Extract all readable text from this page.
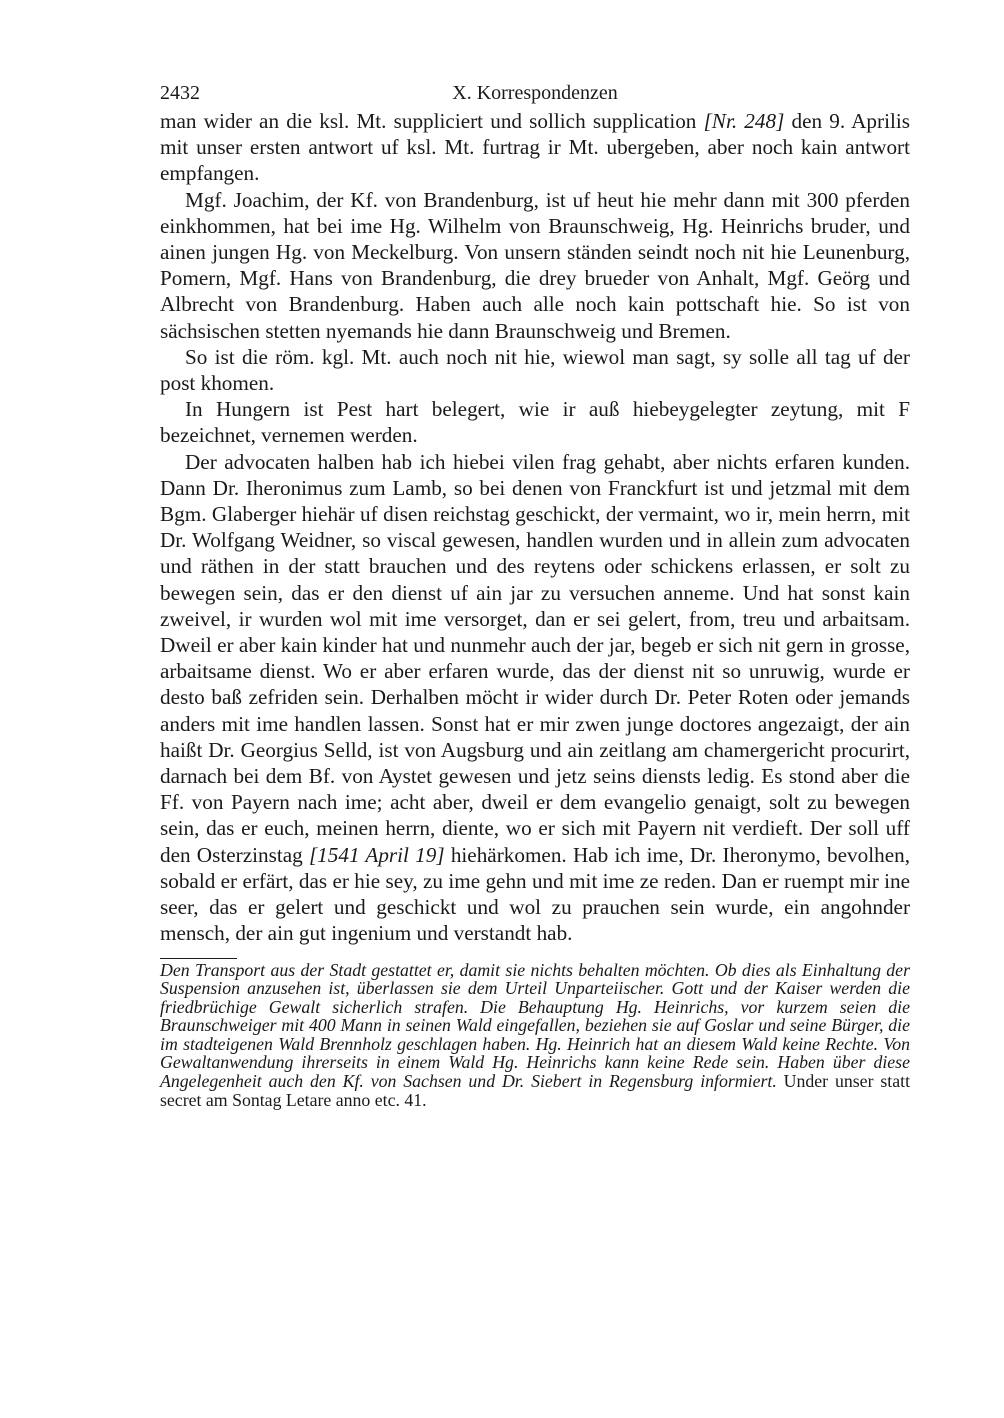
2432	X. Korrespondenzen

man wider an die ksl. Mt. suppliciert und sollich supplication [Nr. 248] den 9. Aprilis mit unser ersten antwort uf ksl. Mt. furtrag ir Mt. ubergeben, aber noch kain antwort empfangen.

Mgf. Joachim, der Kf. von Brandenburg, ist uf heut hie mehr dann mit 300 pferden einkhommen, hat bei ime Hg. Wilhelm von Braunschweig, Hg. Heinrichs bruder, und ainen jungen Hg. von Meckelburg. Von unsern ständen seindt noch nit hie Leunenburg, Pomern, Mgf. Hans von Brandenburg, die drey brueder von Anhalt, Mgf. Geörg und Albrecht von Brandenburg. Haben auch alle noch kain pottschaft hie. So ist von sächsischen stetten nyemands hie dann Braunschweig und Bremen.

So ist die röm. kgl. Mt. auch noch nit hie, wiewol man sagt, sy solle all tag uf der post khomen.

In Hungern ist Pest hart belegert, wie ir auß hiebeygelegter zeytung, mit F bezeichnet, vernemen werden.

Der advocaten halben hab ich hiebei vilen frag gehabt, aber nichts erfaren kunden. Dann Dr. Iheronimus zum Lamb, so bei denen von Franckfurt ist und jetzmal mit dem Bgm. Glaberger hiehär uf disen reichstag geschickt, der vermaint, wo ir, mein herrn, mit Dr. Wolfgang Weidner, so viscal gewesen, handlen wurden und in allein zum advocaten und räthen in der statt brauchen und des reytens oder schickens erlassen, er solt zu bewegen sein, das er den dienst uf ain jar zu versuchen anneme. Und hat sonst kain zweivel, ir wurden wol mit ime versorget, dan er sei gelert, from, treu und arbaitsam. Dweil er aber kain kinder hat und nunmehr auch der jar, begeb er sich nit gern in grosse, arbaitsame dienst. Wo er aber erfaren wurde, das der dienst nit so unruwig, wurde er desto baß zefriden sein. Derhalben möcht ir wider durch Dr. Peter Roten oder jemands anders mit ime handlen lassen. Sonst hat er mir zwen junge doctores angezaigt, der ain haißt Dr. Georgius Selld, ist von Augsburg und ain zeitlang am chamergericht procurirt, darnach bei dem Bf. von Aystet gewesen und jetz seins diensts ledig. Es stond aber die Ff. von Payern nach ime; acht aber, dweil er dem evangelio genaigt, solt zu bewegen sein, das er euch, meinen herrn, diente, wo er sich mit Payern nit verdieft. Der soll uff den Osterzinstag [1541 April 19] hiehärkomen. Hab ich ime, Dr. Iheronymo, bevolhen, sobald er erfärt, das er hie sey, zu ime gehn und mit ime ze reden. Dan er ruempt mir ine seer, das er gelert und geschickt und wol zu prauchen sein wurde, ein angohnder mensch, der ain gut ingenium und verstandt hab.

Den Transport aus der Stadt gestattet er, damit sie nichts behalten möchten. Ob dies als Einhaltung der Suspension anzusehen ist, überlassen sie dem Urteil Unparteiischer. Gott und der Kaiser werden die friedbrüchige Gewalt sicherlich strafen. Die Behauptung Hg. Heinrichs, vor kurzem seien die Braunschweiger mit 400 Mann in seinen Wald eingefallen, beziehen sie auf Goslar und seine Bürger, die im stadteigenen Wald Brennholz geschlagen haben. Hg. Heinrich hat an diesem Wald keine Rechte. Von Gewaltanwendung ihrerseits in einem Wald Hg. Heinrichs kann keine Rede sein. Haben über diese Angelegenheit auch den Kf. von Sachsen und Dr. Siebert in Regensburg informiert. Under unser statt secret am Sontag Letare anno etc. 41.
